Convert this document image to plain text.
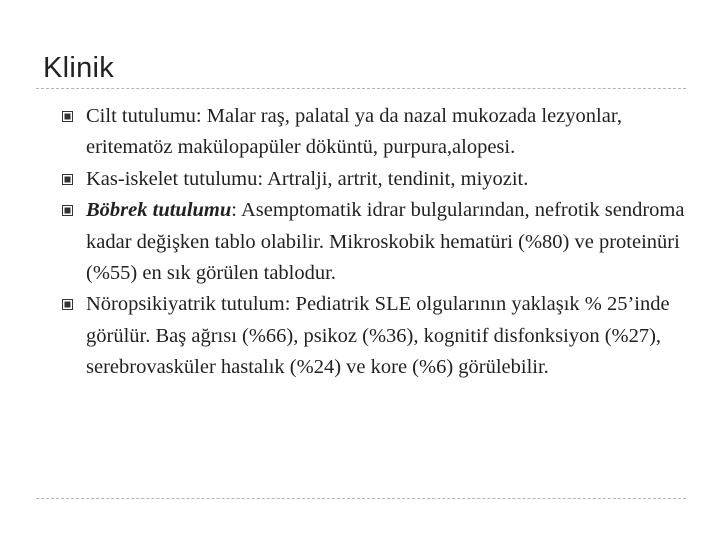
Klinik
Cilt tutulumu: Malar raş, palatal ya da nazal mukozada lezyonlar, eritematöz makülopapüler döküntü, purpura,alopesi.
Kas-iskelet tutulumu: Artralji, artrit, tendinit, miyozit.
Böbrek tutulumu: Asemptomatik idrar bulgularından, nefrotik sendroma kadar değişken tablo olabilir. Mikroskobik hematüri (%80) ve proteinüri (%55) en sık görülen tablodur.
Nöropsikiyatrik tutulum: Pediatrik SLE olgularının yaklaşık % 25’inde görülür. Baş ağrısı (%66), psikoz (%36), kognitif disfonksiyon (%27), serebrovasküler hastalık (%24) ve kore (%6) görülebilir.
